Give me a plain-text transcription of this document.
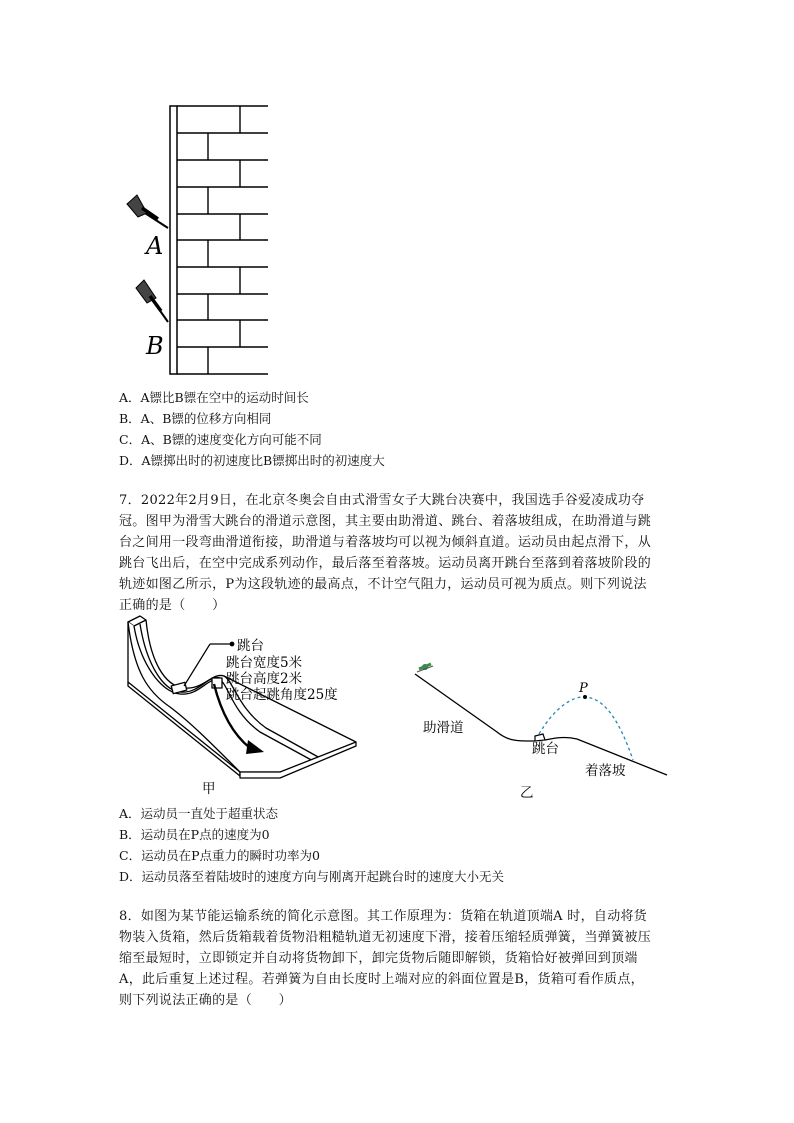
A
B
A．A镖比B镖在空中的运动时间长
B．A、B镖的位移方向相同
C．A、B镖的速度变化方向可能不同
D．A镖掷出时的初速度比B镖掷出时的初速度大

7．2022年2月9日，在北京冬奥会自由式滑雪女子大跳台决赛中，我国选手谷爱凌成功夺

冠。图甲为滑雪大跳台的滑道示意图，其主要由助滑道、跳台、着落坡组成，在助滑道与跳

台之间用一段弯曲滑道衔接，助滑道与着落坡均可以视为倾斜直道。运动员由起点滑下，从

跳台飞出后，在空中完成系列动作，最后落至着落坡。运动员离开跳台至落到着落坡阶段的

轨迹如图乙所示，P为这段轨迹的最高点，不计空气阻力，运动员可视为质点。则下列说法

正确的是（　　）

跳台
跳台宽度5米
跳台高度2米
跳台起跳角度25度
甲
P
助滑道
跳台
着落坡
乙
A．运动员一直处于超重状态
B．运动员在P点的速度为0
C．运动员在P点重力的瞬时功率为0
D．运动员落至着陆坡时的速度方向与刚离开起跳台时的速度大小无关

8．如图为某节能运输系统的简化示意图。其工作原理为：货箱在轨道顶端A 时，自动将货

物装入货箱，然后货箱载着货物沿粗糙轨道无初速度下滑，接着压缩轻质弹簧，当弹簧被压

缩至最短时，立即锁定并自动将货物卸下，卸完货物后随即解锁，货箱恰好被弹回到顶端

A，此后重复上述过程。若弹簧为自由长度时上端对应的斜面位置是B，货箱可看作质点，

则下列说法正确的是（　　）
